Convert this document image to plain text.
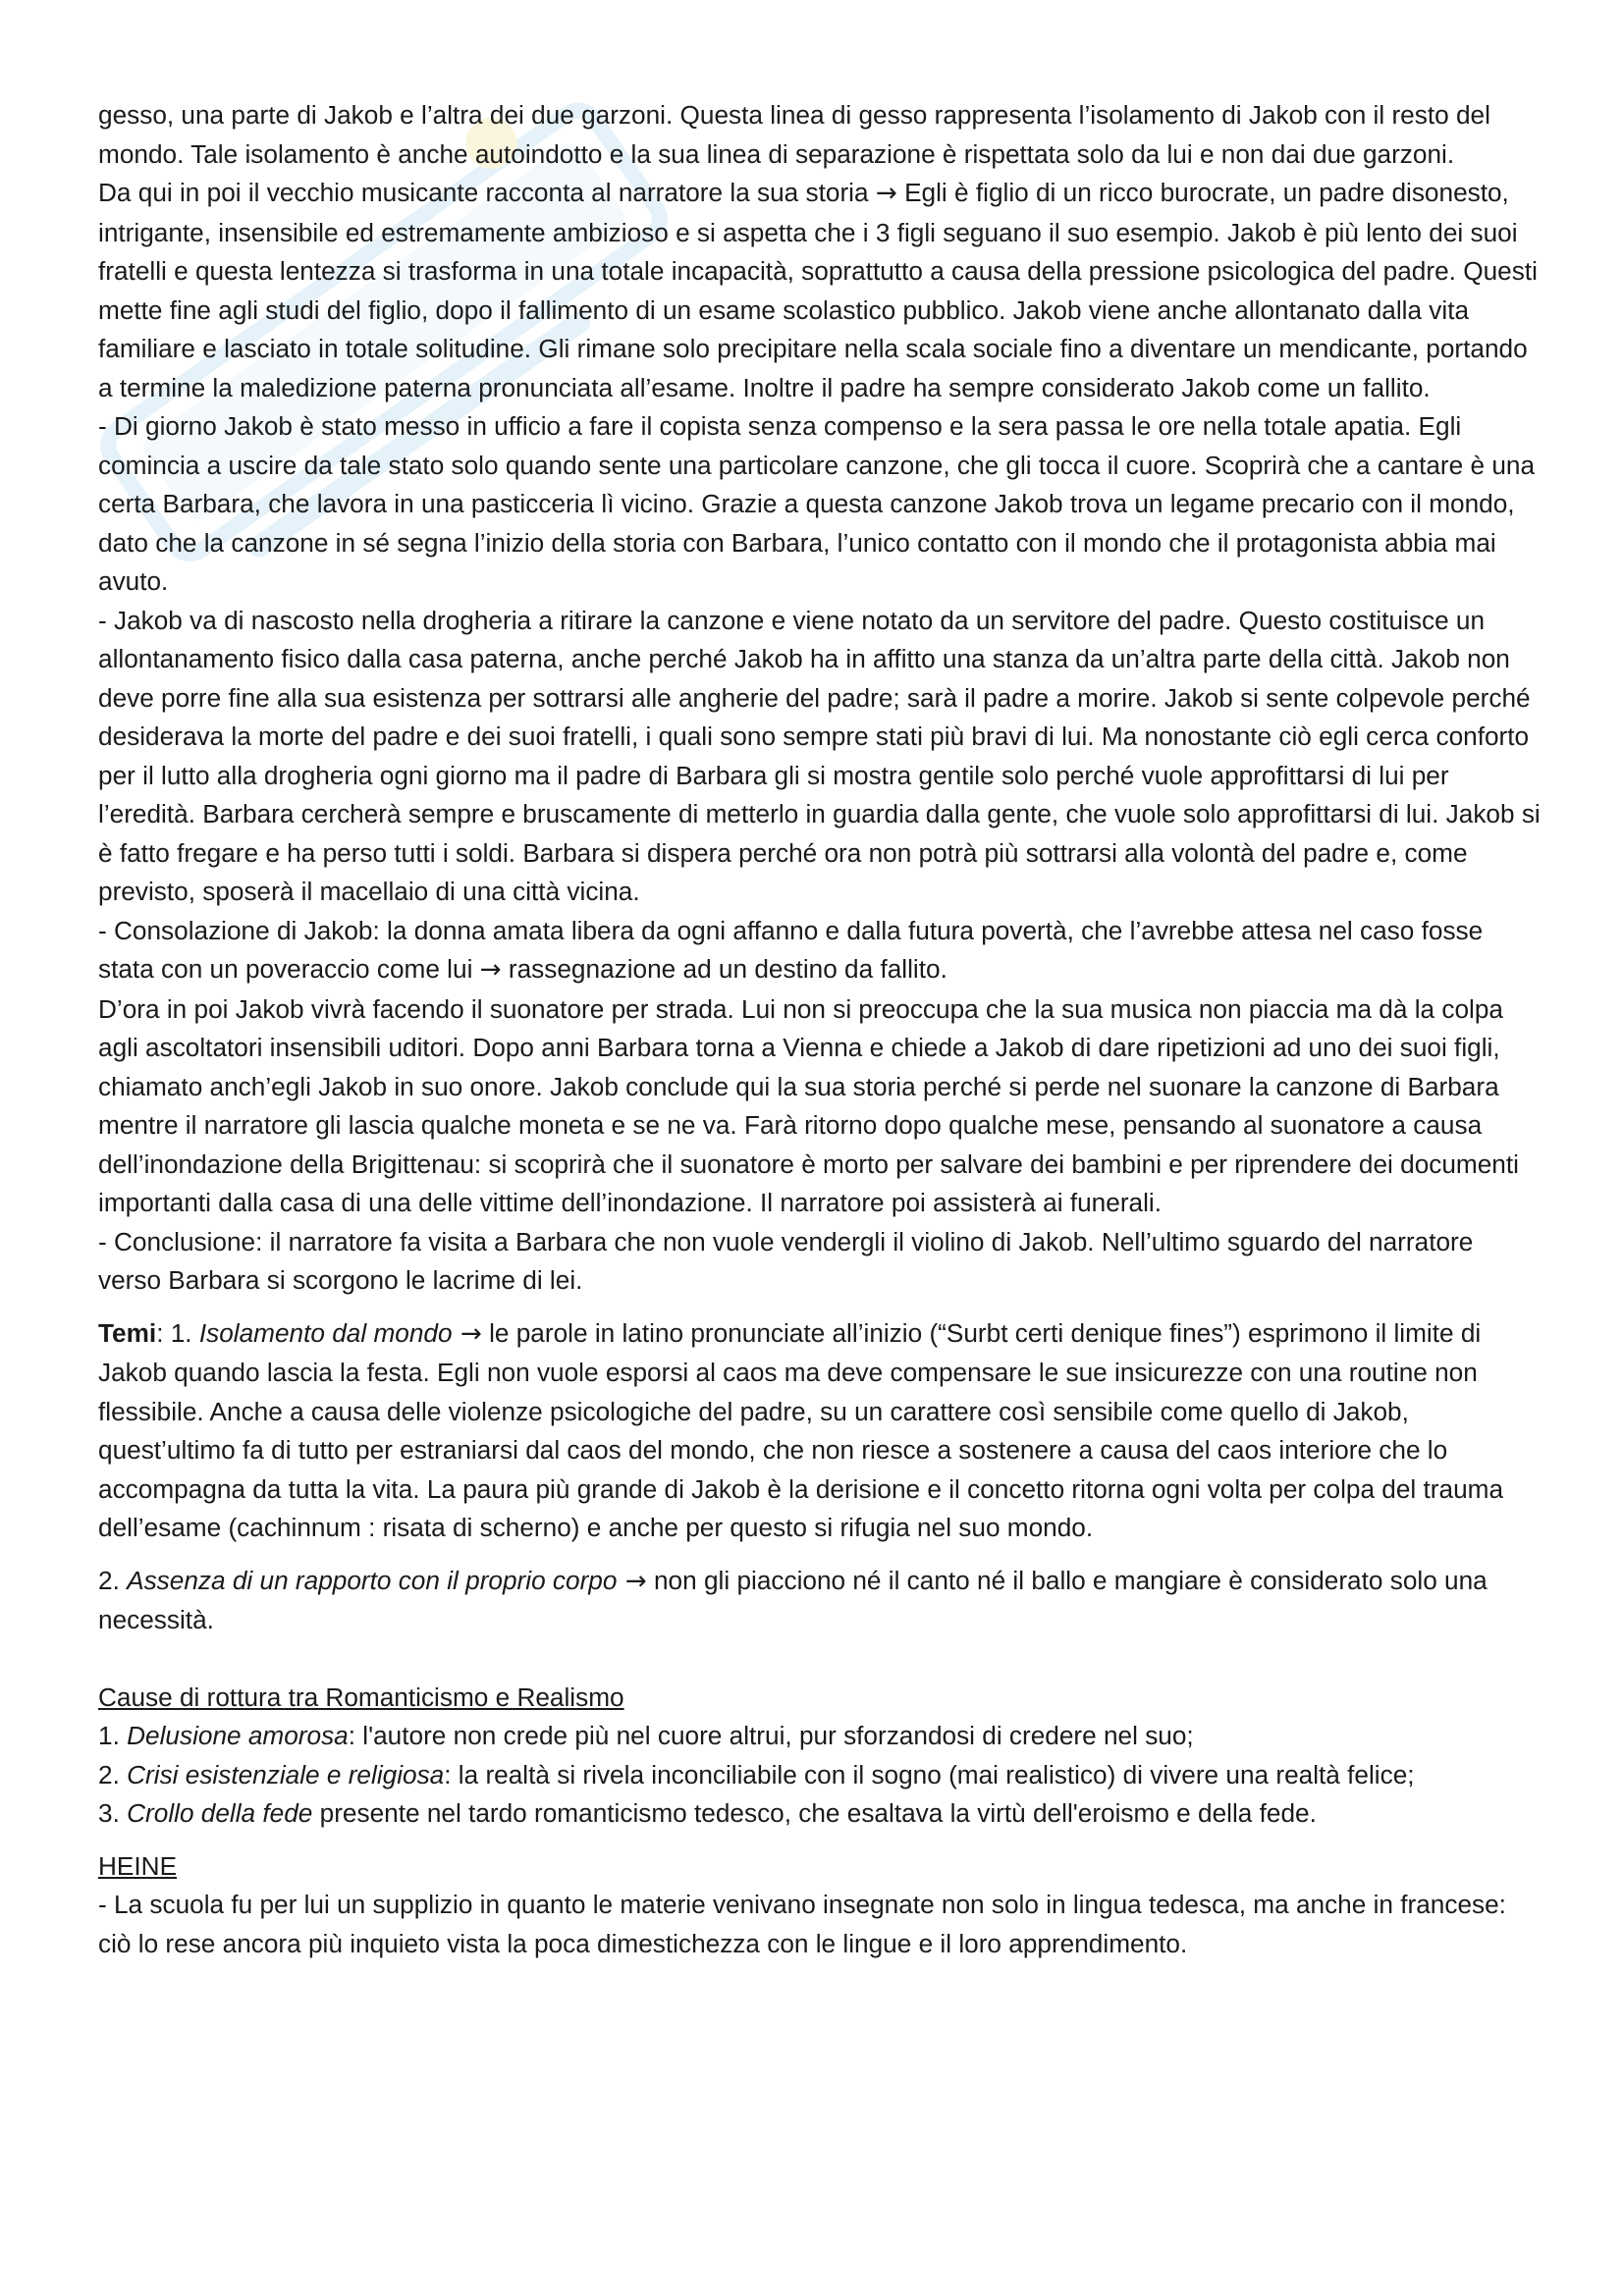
gesso, una parte di Jakob e l’altra dei due garzoni. Questa linea di gesso rappresenta l’isolamento di Jakob con il resto del mondo. Tale isolamento è anche autoindotto e la sua linea di separazione è rispettata solo da lui e non dai due garzoni.

Da qui in poi il vecchio musicante racconta al narratore la sua storia → Egli è figlio di un ricco burocrate, un padre disonesto, intrigante, insensibile ed estremamente ambizioso e si aspetta che i 3 figli seguano il suo esempio. Jakob è più lento dei suoi fratelli e questa lentezza si trasforma in una totale incapacità, soprattutto a causa della pressione psicologica del padre. Questi mette fine agli studi del figlio, dopo il fallimento di un esame scolastico pubblico. Jakob viene anche allontanato dalla vita familiare e lasciato in totale solitudine. Gli rimane solo precipitare nella scala sociale fino a diventare un mendicante, portando a termine la maledizione paterna pronunciata all’esame. Inoltre il padre ha sempre considerato Jakob come un fallito.

- Di giorno Jakob è stato messo in ufficio a fare il copista senza compenso e la sera passa le ore nella totale apatia. Egli comincia a uscire da tale stato solo quando sente una particolare canzone, che gli tocca il cuore. Scoprirà che a cantare è una certa Barbara, che lavora in una pasticceria lì vicino. Grazie a questa canzone Jakob trova un legame precario con il mondo, dato che la canzone in sé segna l’inizio della storia con Barbara, l’unico contatto con il mondo che il protagonista abbia mai avuto.

- Jakob va di nascosto nella drogheria a ritirare la canzone e viene notato da un servitore del padre. Questo costituisce un allontanamento fisico dalla casa paterna, anche perché Jakob ha in affitto una stanza da un’altra parte della città. Jakob non deve porre fine alla sua esistenza per sottrarsi alle angherie del padre; sarà il padre a morire. Jakob si sente colpevole perché desiderava la morte del padre e dei suoi fratelli, i quali sono sempre stati più bravi di lui. Ma nonostante ciò egli cerca conforto per il lutto alla drogheria ogni giorno ma il padre di Barbara gli si mostra gentile solo perché vuole approfittarsi di lui per l’eredità. Barbara cercherà sempre e bruscamente di metterlo in guardia dalla gente, che vuole solo approfittarsi di lui. Jakob si è fatto fregare e ha perso tutti i soldi. Barbara si dispera perché ora non potrà più sottrarsi alla volontà del padre e, come previsto, sposerà il macellaio di una città vicina.

- Consolazione di Jakob: la donna amata libera da ogni affanno e dalla futura povertà, che l’avrebbe attesa nel caso fosse stata con un poveraccio come lui → rassegnazione ad un destino da fallito.

D’ora in poi Jakob vivrà facendo il suonatore per strada. Lui non si preoccupa che la sua musica non piaccia ma dà la colpa agli ascoltatori insensibili uditori. Dopo anni Barbara torna a Vienna e chiede a Jakob di dare ripetizioni ad uno dei suoi figli, chiamato anch’egli Jakob in suo onore. Jakob conclude qui la sua storia perché si perde nel suonare la canzone di Barbara mentre il narratore gli lascia qualche moneta e se ne va. Farà ritorno dopo qualche mese, pensando al suonatore a causa dell’inondazione della Brigittenau: si scoprirà che il suonatore è morto per salvare dei bambini e per riprendere dei documenti importanti dalla casa di una delle vittime dell’inondazione. Il narratore poi assisterà ai funerali.

- Conclusione: il narratore fa visita a Barbara che non vuole vendergli il violino di Jakob. Nell’ultimo sguardo del narratore verso Barbara si scorgono le lacrime di lei.

Temi: 1. Isolamento dal mondo → le parole in latino pronunciate all’inizio (“Surbt certi denique fines”) esprimono il limite di Jakob quando lascia la festa. Egli non vuole esporsi al caos ma deve compensare le sue insicurezze con una routine non flessibile. Anche a causa delle violenze psicologiche del padre, su un carattere così sensibile come quello di Jakob, quest’ultimo fa di tutto per estraniarsi dal caos del mondo, che non riesce a sostenere a causa del caos interiore che lo accompagna da tutta la vita. La paura più grande di Jakob è la derisione e il concetto ritorna ogni volta per colpa del trauma dell’esame (cachinnum : risata di scherno) e anche per questo si rifugia nel suo mondo.

2. Assenza di un rapporto con il proprio corpo → non gli piacciono né il canto né il ballo e mangiare è considerato solo una necessità.

Cause di rottura tra Romanticismo e Realismo

1. Delusione amorosa: l'autore non crede più nel cuore altrui, pur sforzandosi di credere nel suo;

2. Crisi esistenziale e religiosa: la realtà si rivela inconciliabile con il sogno (mai realistico) di vivere una realtà felice;

3. Crollo della fede presente nel tardo romanticismo tedesco, che esaltava la virtù dell'eroismo e della fede.

HEINE

- La scuola fu per lui un supplizio in quanto le materie venivano insegnate non solo in lingua tedesca, ma anche in francese: ciò lo rese ancora più inquieto vista la poca dimestichezza con le lingue e il loro apprendimento.
